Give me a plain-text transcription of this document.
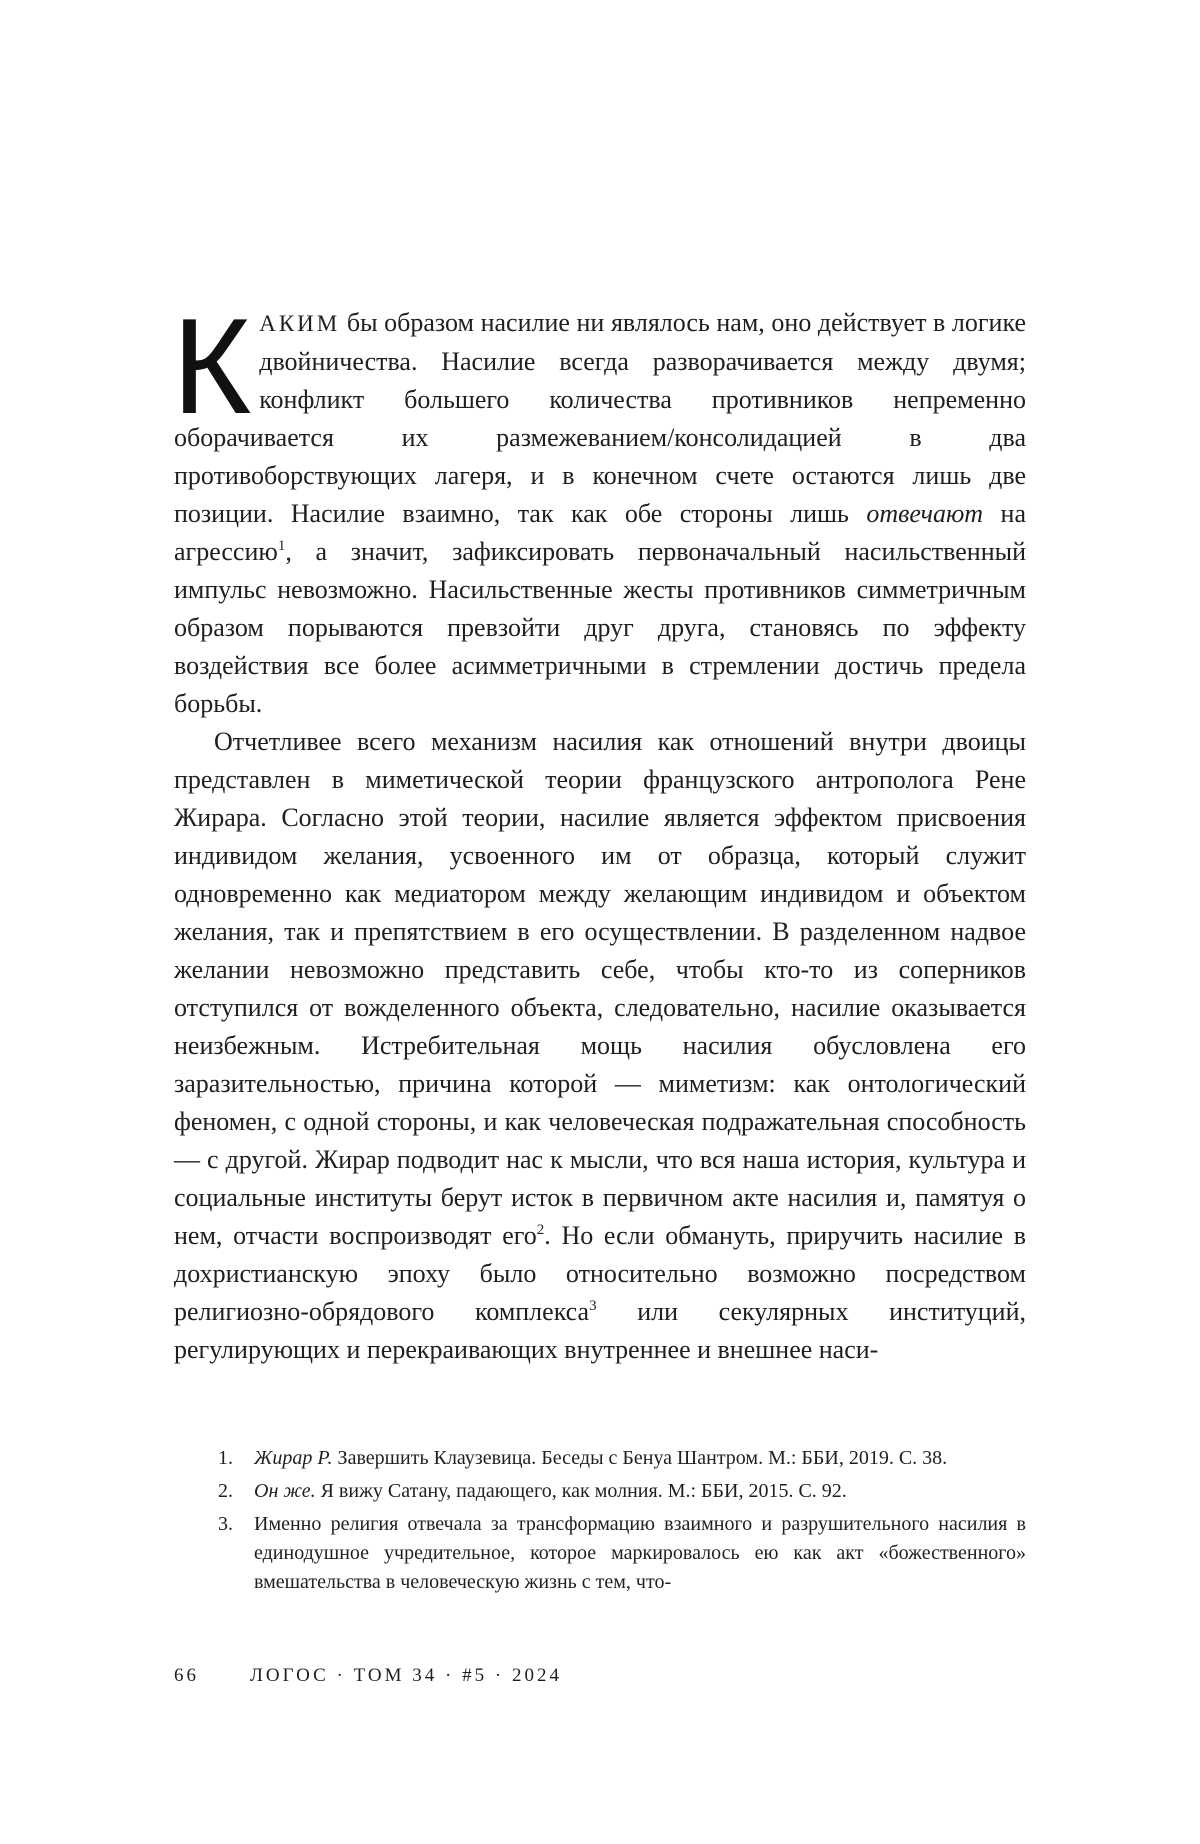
КАКИМ бы образом насилие ни являлось нам, оно действует в логике двойничества. Насилие всегда разворачивается между двумя; конфликт большего количества противников непременно оборачивается их размежеванием/консолидацией в два противоборствующих лагеря, и в конечном счете остаются лишь две позиции. Насилие взаимно, так как обе стороны лишь отвечают на агрессию$^1$, а значит, зафиксировать первоначальный насильственный импульс невозможно. Насильственные жесты противников симметричным образом порываются превзойти друг друга, становясь по эффекту воздействия все более асимметричными в стремлении достичь предела борьбы.

Отчетливее всего механизм насилия как отношений внутри двоицы представлен в миметической теории французского антрополога Рене Жирара. Согласно этой теории, насилие является эффектом присвоения индивидом желания, усвоенного им от образца, который служит одновременно как медиатором между желающим индивидом и объектом желания, так и препятствием в его осуществлении. В разделенном надвое желании невозможно представить себе, чтобы кто-то из соперников отступился от вожделенного объекта, следовательно, насилие оказывается неизбежным. Истребительная мощь насилия обусловлена его заразительностью, причина которой — миметизм: как онтологический феномен, с одной стороны, и как человеческая подражательная способность — с другой. Жирар подводит нас к мысли, что вся наша история, культура и социальные институты берут исток в первичном акте насилия и, памятуя о нем, отчасти воспроизводят его$^2$. Но если обмануть, приручить насилие в дохристианскую эпоху было относительно возможно посредством религиозно-обрядового комплекса$^3$ или секулярных институций, регулирующих и перекраивающих внутреннее и внешнее наси-

1. Жирар Р. Завершить Клаузевица. Беседы с Бенуа Шантром. М.: ББИ, 2019. С. 38.
2. Он же. Я вижу Сатану, падающего, как молния. М.: ББИ, 2015. С. 92.
3. Именно религия отвечала за трансформацию взаимного и разрушительного насилия в единодушное учредительное, которое маркировалось ею как акт «божественного» вмешательства в человеческую жизнь с тем, что-
66	ЛОГОС · ТОМ 34 · #5 · 2024
